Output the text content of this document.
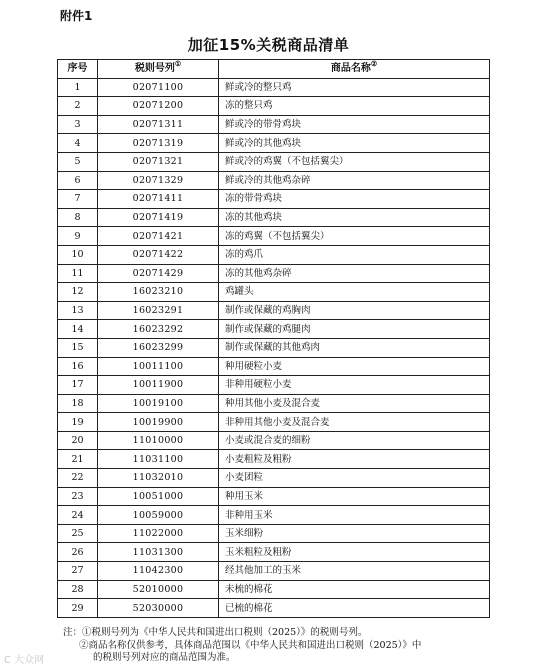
附件1
加征15%关税商品清单
序号	税则号列①	商品名称②
1	02071100	鲜或冷的整只鸡
2	02071200	冻的整只鸡
3	02071311	鲜或冷的带骨鸡块
4	02071319	鲜或冷的其他鸡块
5	02071321	鲜或冷的鸡翼（不包括翼尖）
6	02071329	鲜或冷的其他鸡杂碎
7	02071411	冻的带骨鸡块
8	02071419	冻的其他鸡块
9	02071421	冻的鸡翼（不包括翼尖）
10	02071422	冻的鸡爪
11	02071429	冻的其他鸡杂碎
12	16023210	鸡罐头
13	16023291	制作或保藏的鸡胸肉
14	16023292	制作或保藏的鸡腿肉
15	16023299	制作或保藏的其他鸡肉
16	10011100	种用硬粒小麦
17	10011900	非种用硬粒小麦
18	10019100	种用其他小麦及混合麦
19	10019900	非种用其他小麦及混合麦
20	11010000	小麦或混合麦的细粉
21	11031100	小麦粗粒及粗粉
22	11032010	小麦团粒
23	10051000	种用玉米
24	10059000	非种用玉米
25	11022000	玉米细粉
26	11031300	玉米粗粒及粗粉
27	11042300	经其他加工的玉米
28	52010000	未梳的棉花
29	52030000	已梳的棉花

注：①税则号列为《中华人民共和国进出口税则（2025）》的税则号列。

②商品名称仅供参考，具体商品范围以《中华人民共和国进出口税则（2025）》中

的税则号列对应的商品范围为准。

C 大众网
